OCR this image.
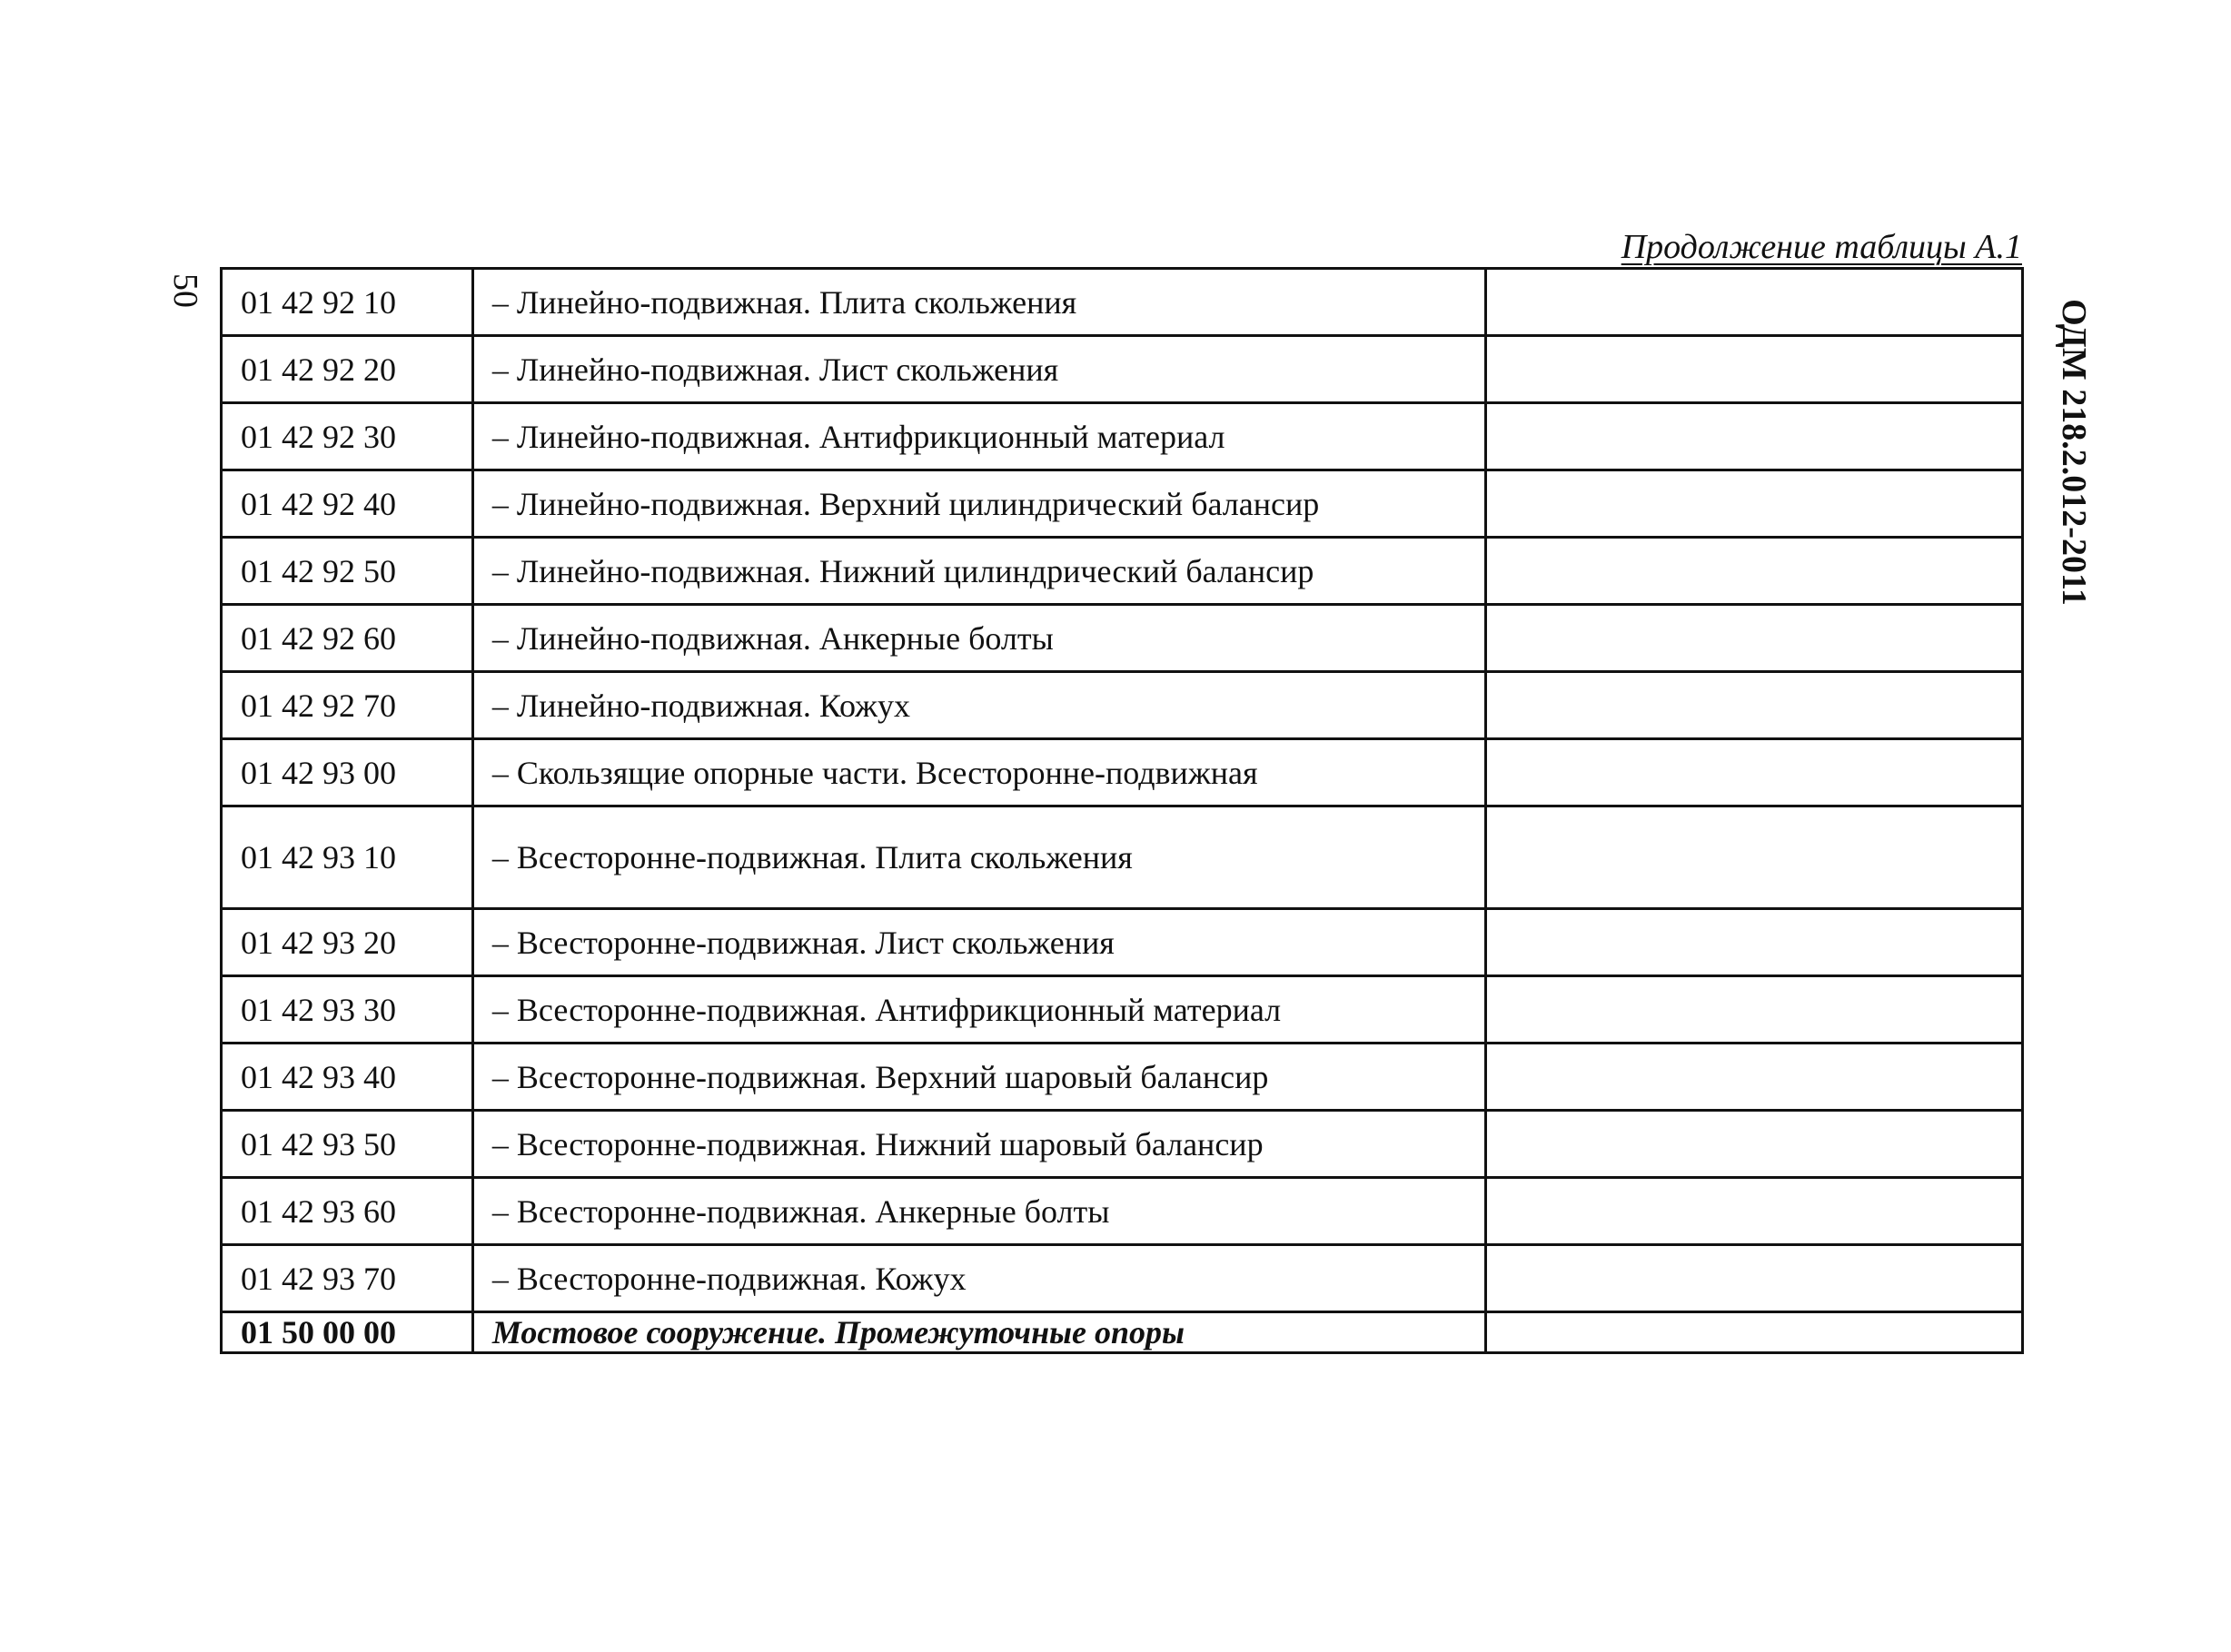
50
ОДМ 218.2.012-2011
Продолжение таблицы А.1
01 42 92 10	– Линейно-подвижная. Плита скольжения	
01 42 92 20	– Линейно-подвижная. Лист скольжения	
01 42 92 30	– Линейно-подвижная. Антифрикционный материал	
01 42 92 40	– Линейно-подвижная. Верхний цилиндрический балансир	
01 42 92 50	– Линейно-подвижная. Нижний цилиндрический балансир	
01 42 92 60	– Линейно-подвижная. Анкерные болты	
01 42 92 70	– Линейно-подвижная. Кожух	
01 42 93 00	– Скользящие опорные части. Всесторонне-подвижная	
01 42 93 10	– Всесторонне-подвижная. Плита скольжения	
01 42 93 20	– Всесторонне-подвижная. Лист скольжения	
01 42 93 30	– Всесторонне-подвижная. Антифрикционный материал	
01 42 93 40	– Всесторонне-подвижная. Верхний шаровый балансир	
01 42 93 50	– Всесторонне-подвижная. Нижний шаровый балансир	
01 42 93 60	– Всесторонне-подвижная. Анкерные болты	
01 42 93 70	– Всесторонне-подвижная. Кожух	
01 50 00 00	Мостовое сооружение. Промежуточные опоры	
